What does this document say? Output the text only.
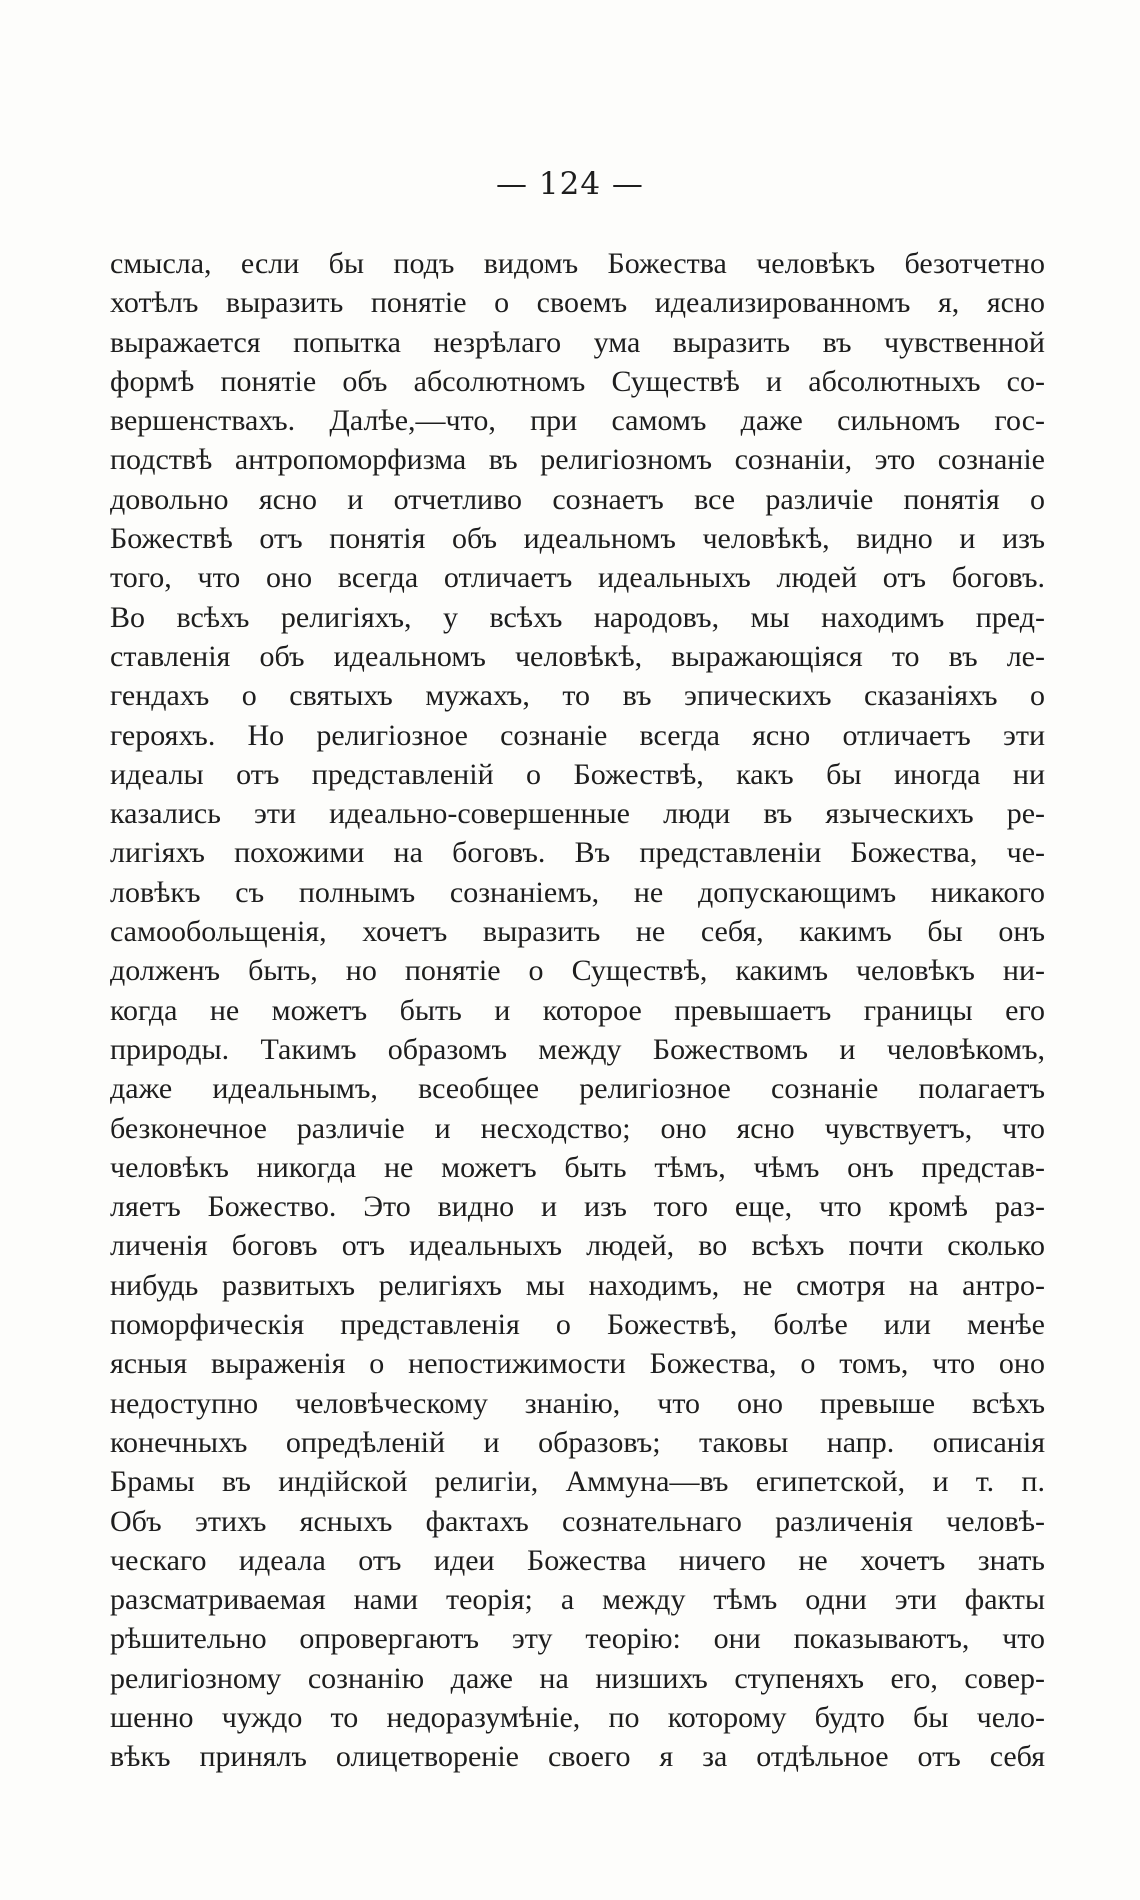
— 124 —
смысла, если бы подъ видомъ Божества человѣкъ безотчетно
хотѣлъ выразить понятіе о своемъ идеализированномъ я, ясно
выражается попытка незрѣлаго ума выразить въ чувственной
формѣ понятіе объ абсолютномъ Существѣ и абсолютныхъ со-
вершенствахъ. Далѣе,—что, при самомъ даже сильномъ гос-
подствѣ антропоморфизма въ религіозномъ сознаніи, это сознаніе
довольно ясно и отчетливо сознаетъ все различіе понятія о
Божествѣ отъ понятія объ идеальномъ человѣкѣ, видно и изъ
того, что оно всегда отличаетъ идеальныхъ людей отъ боговъ.
Во всѣхъ религіяхъ, у всѣхъ народовъ, мы находимъ пред-
ставленія объ идеальномъ человѣкѣ, выражающіяся то въ ле-
гендахъ о святыхъ мужахъ, то въ эпическихъ сказаніяхъ о
герояхъ. Но религіозное сознаніе всегда ясно отличаетъ эти
идеалы отъ представленій о Божествѣ, какъ бы иногда ни
казались эти идеально-совершенные люди въ языческихъ ре-
лигіяхъ похожими на боговъ. Въ представленіи Божества, че-
ловѣкъ съ полнымъ сознаніемъ, не допускающимъ никакого
самообольщенія, хочетъ выразить не себя, какимъ бы онъ
долженъ быть, но понятіе о Существѣ, какимъ человѣкъ ни-
когда не можетъ быть и которое превышаетъ границы его
природы. Такимъ образомъ между Божествомъ и человѣкомъ,
даже идеальнымъ, всеобщее религіозное сознаніе полагаетъ
безконечное различіе и несходство; оно ясно чувствуетъ, что
человѣкъ никогда не можетъ быть тѣмъ, чѣмъ онъ представ-
ляетъ Божество. Это видно и изъ того еще, что кромѣ раз-
личенія боговъ отъ идеальныхъ людей, во всѣхъ почти сколько
нибудь развитыхъ религіяхъ мы находимъ, не смотря на антро-
поморфическія представленія о Божествѣ, болѣе или менѣе
ясныя выраженія о непостижимости Божества, о томъ, что оно
недоступно человѣческому знанію, что оно превыше всѣхъ
конечныхъ опредѣленій и образовъ; таковы напр. описанія
Брамы въ индійской религіи, Аммуна—въ египетской, и т. п.
Объ этихъ ясныхъ фактахъ сознательнаго различенія человѣ-
ческаго идеала отъ идеи Божества ничего не хочетъ знать
разсматриваемая нами теорія; а между тѣмъ одни эти факты
рѣшительно опровергаютъ эту теорію: они показываютъ, что
религіозному сознанію даже на низшихъ ступеняхъ его, совер-
шенно чуждо то недоразумѣніе, по которому будто бы чело-
вѣкъ принялъ олицетвореніе своего я за отдѣльное отъ себя
